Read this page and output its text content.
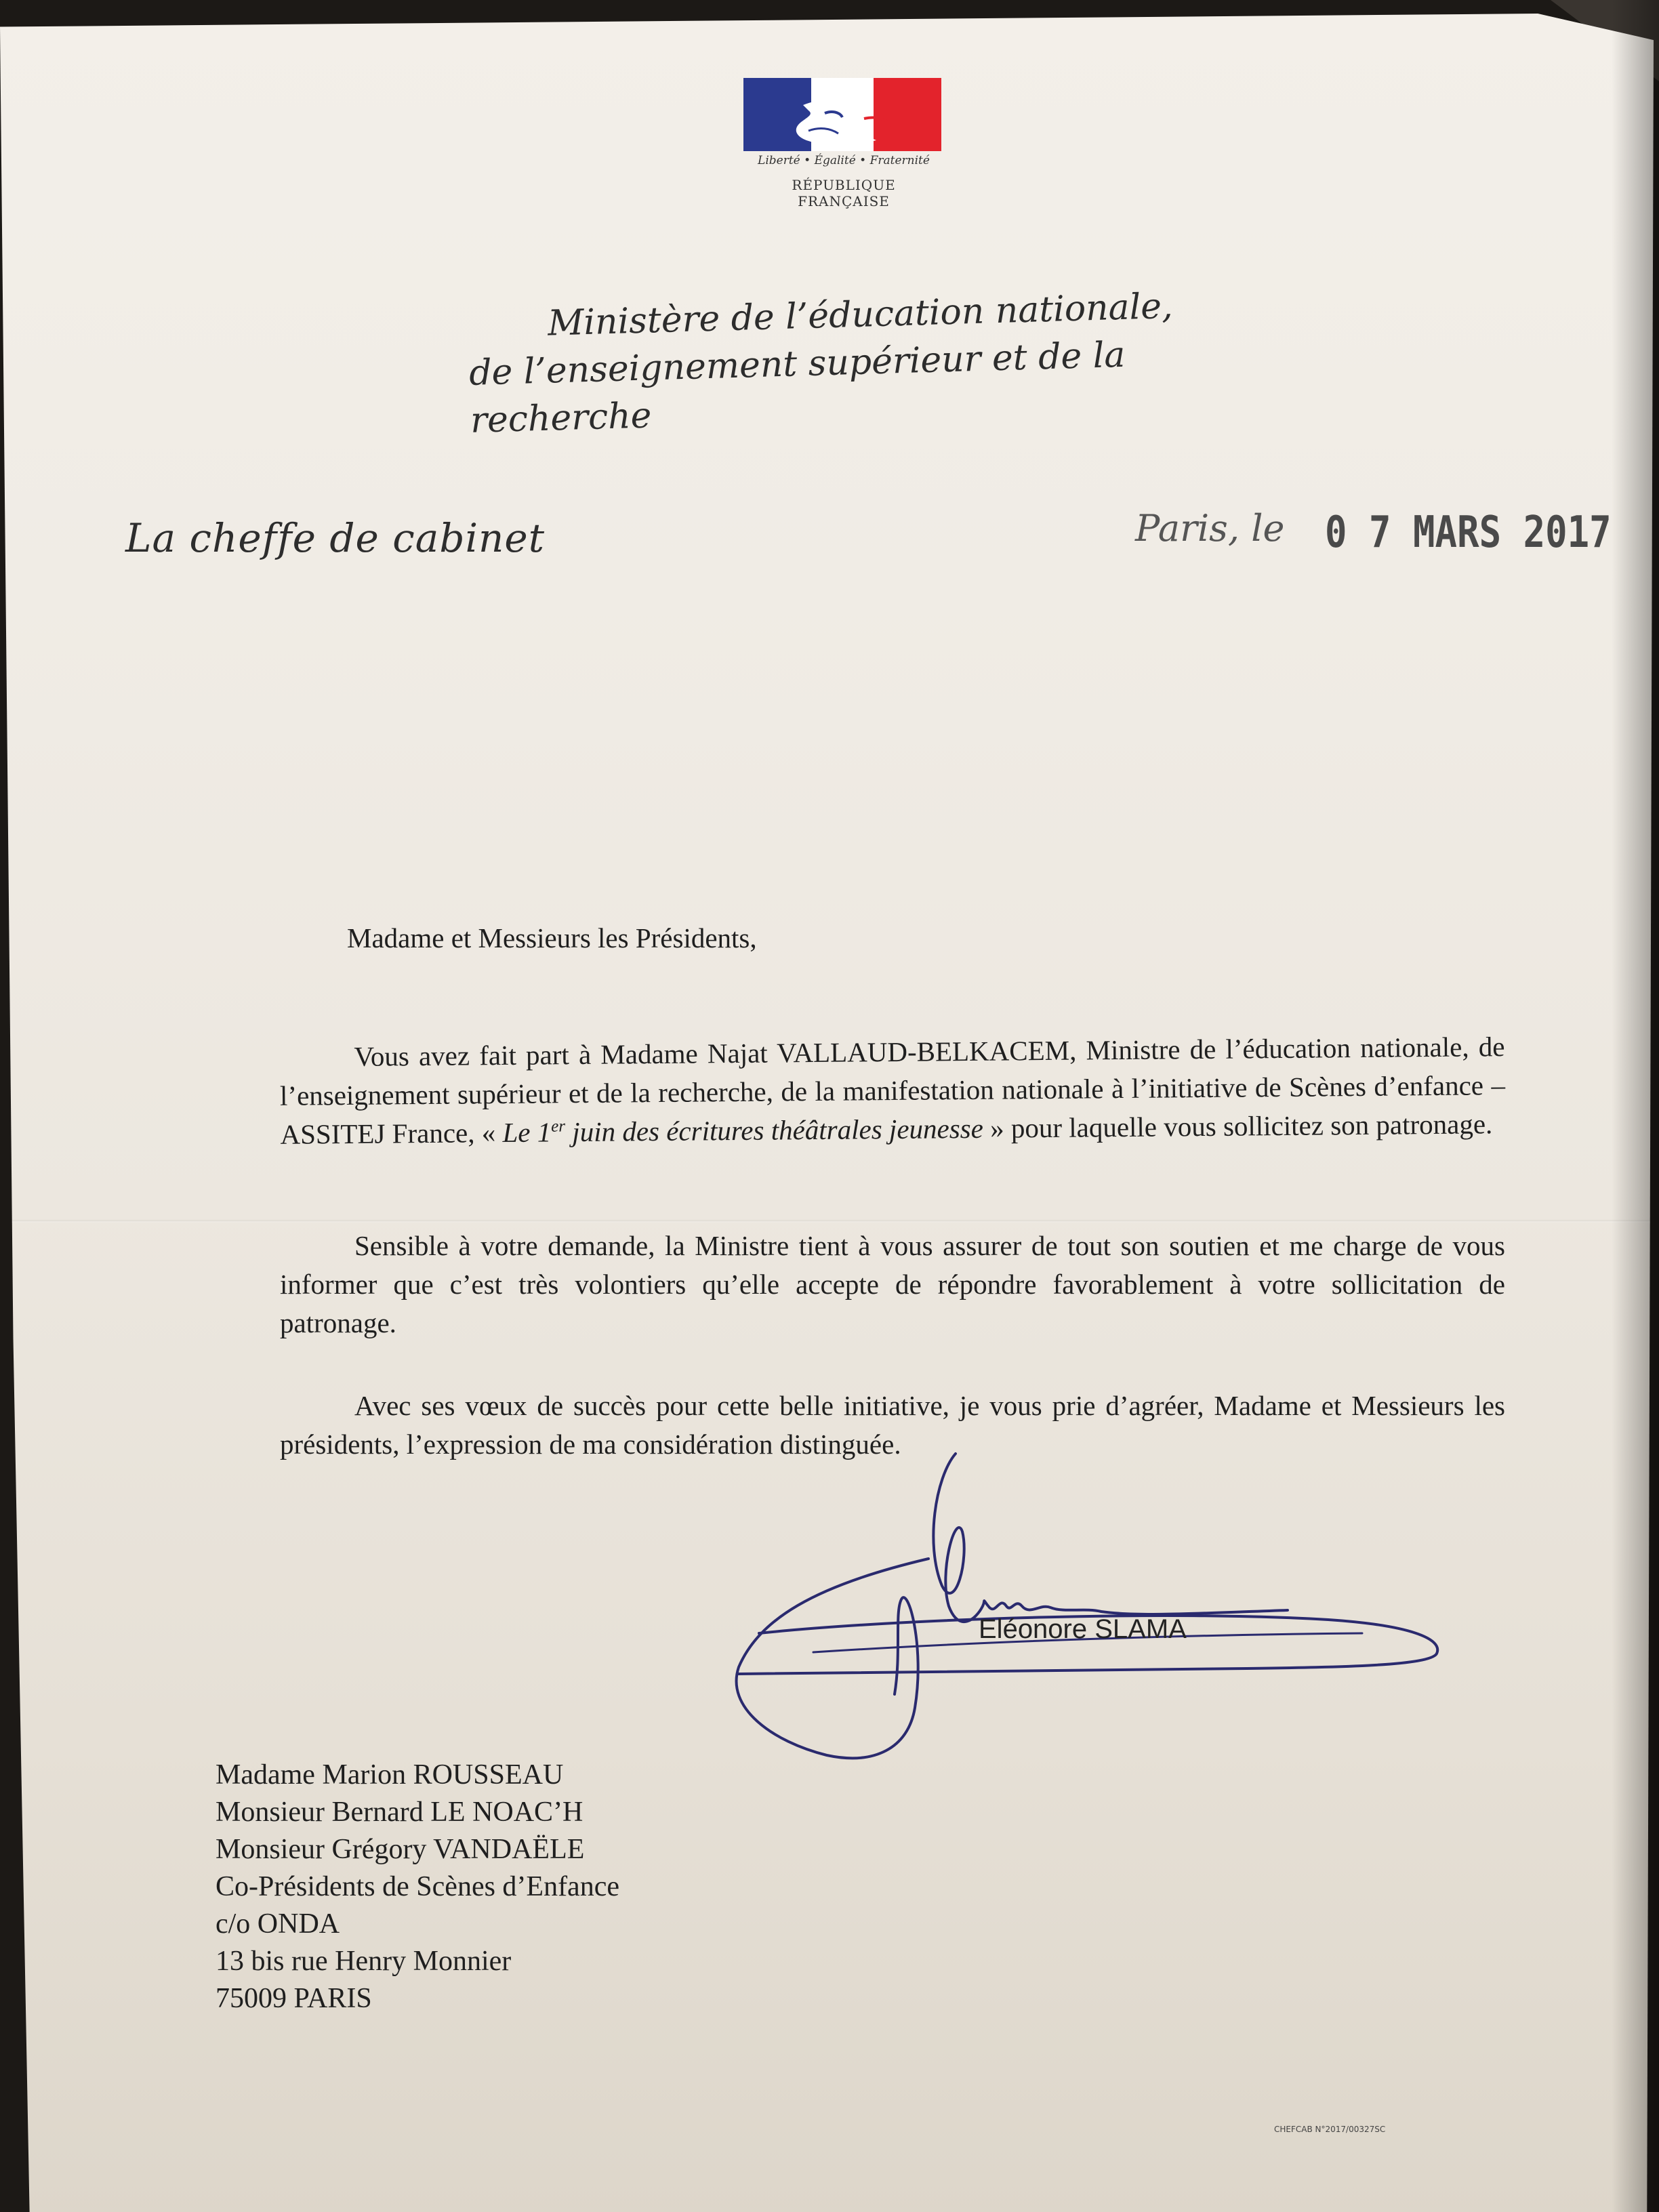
Liberté • Égalité • Fraternité
RÉPUBLIQUE FRANÇAISE
Ministère de l’éducation nationale,
de l’enseignement supérieur et de la recherche
La cheffe de cabinet	Paris, le 0 7 MARS 2017
Madame et Messieurs les Présidents,
Vous avez fait part à Madame Najat VALLAUD-BELKACEM, Ministre de l’éducation nationale, de l’enseignement supérieur et de la recherche, de la manifestation nationale à l’initiative de Scènes d’enfance – ASSITEJ France, « Le 1er juin des écritures théâtrales jeunesse » pour laquelle vous sollicitez son patronage.
Sensible à votre demande, la Ministre tient à vous assurer de tout son soutien et me charge de vous informer que c’est très volontiers qu’elle accepte de répondre favorablement à votre sollicitation de patronage.
Avec ses vœux de succès pour cette belle initiative, je vous prie d’agréer, Madame et Messieurs les présidents, l’expression de ma considération distinguée.
Eléonore SLAMA
Madame Marion ROUSSEAU
Monsieur Bernard LE NOAC’H
Monsieur Grégory VANDAËLE
Co-Présidents de Scènes d’Enfance
c/o ONDA
13 bis rue Henry Monnier
75009 PARIS
CHEFCAB N°2017/00327SC
